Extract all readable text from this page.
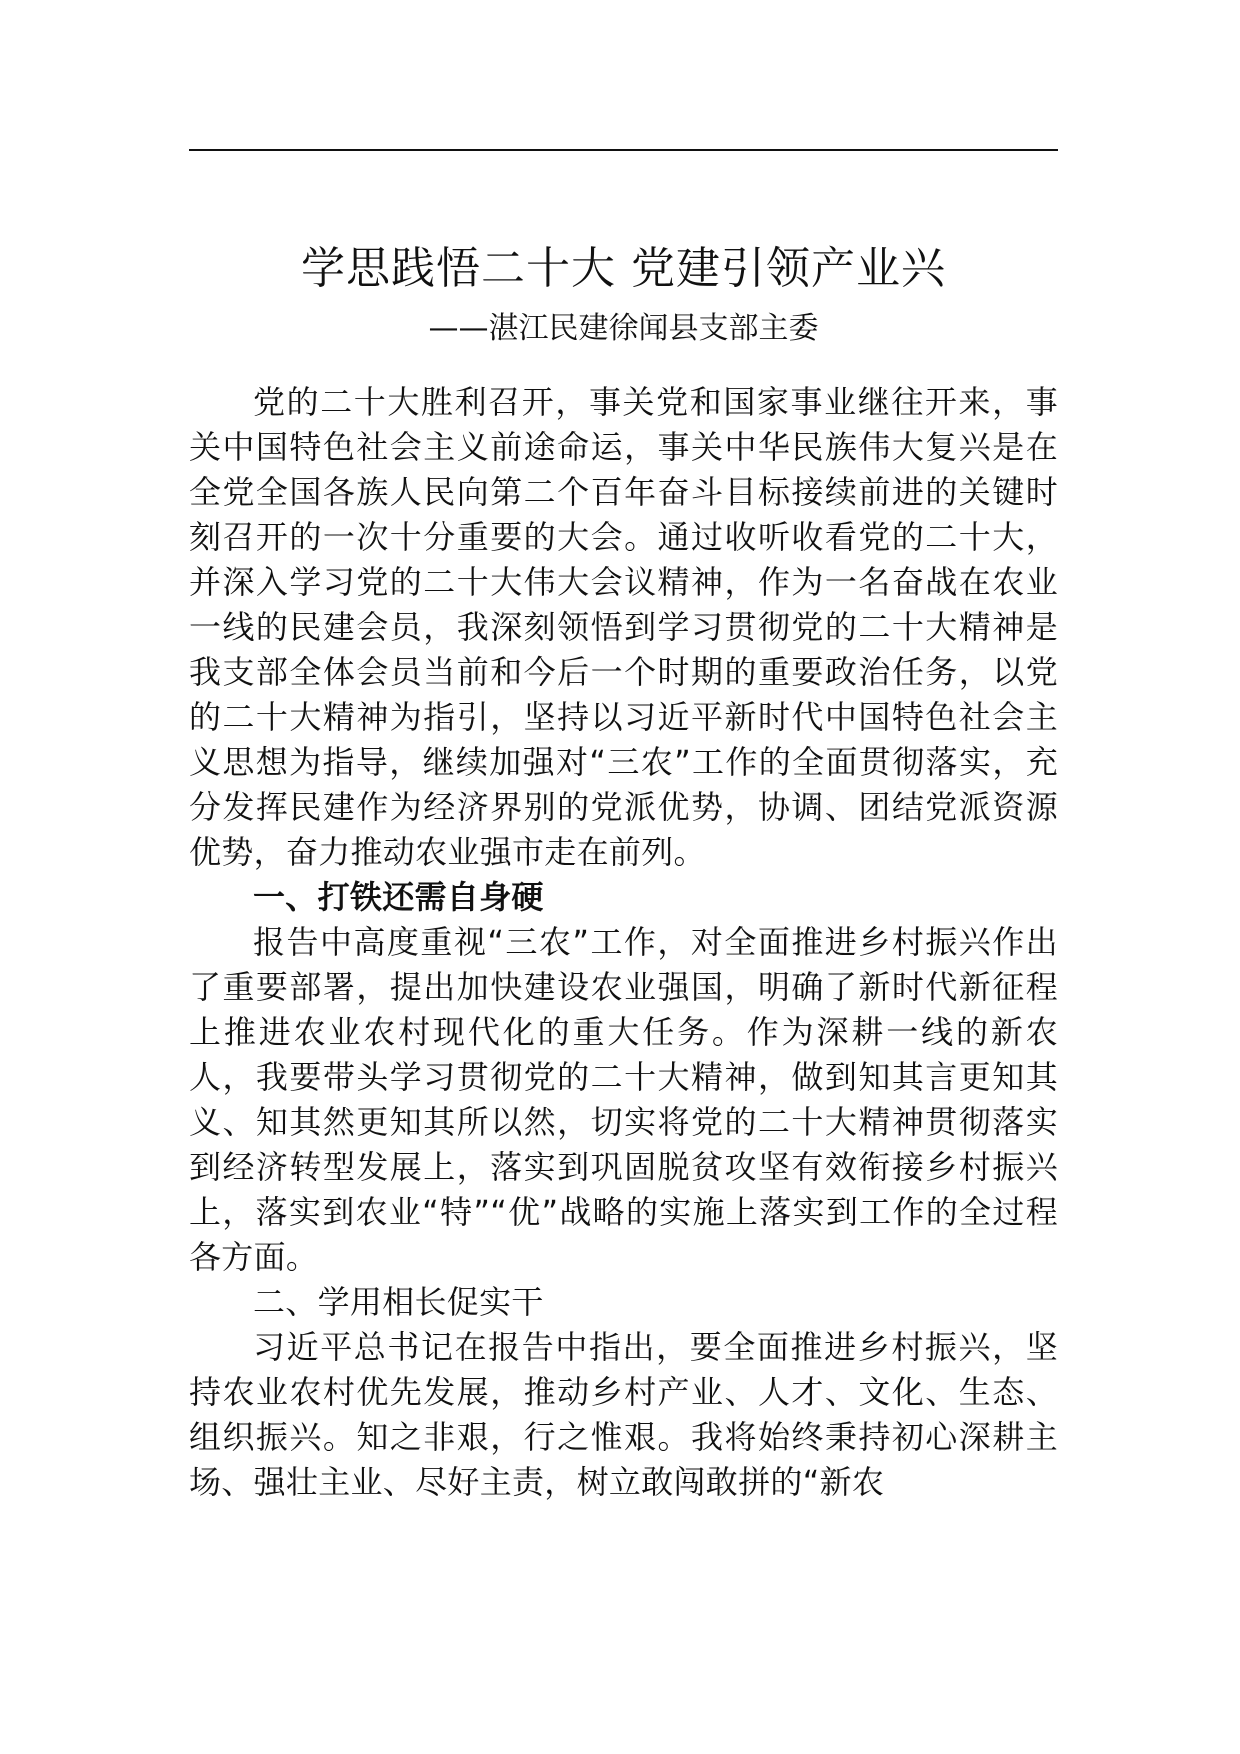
学思践悟二十大 党建引领产业兴
——湛江民建徐闻县支部主委

党的二十大胜利召开，事关党和国家事业继往开来，事关中国特色社会主义前途命运，事关中华民族伟大复兴是在全党全国各族人民向第二个百年奋斗目标接续前进的关键时刻召开的一次十分重要的大会。通过收听收看党的二十大，并深入学习党的二十大伟大会议精神，作为一名奋战在农业一线的民建会员，我深刻领悟到学习贯彻党的二十大精神是我支部全体会员当前和今后一个时期的重要政治任务，以党的二十大精神为指引，坚持以习近平新时代中国特色社会主义思想为指导，继续加强对“三农”工作的全面贯彻落实，充分发挥民建作为经济界别的党派优势，协调、团结党派资源优势，奋力推动农业强市走在前列。

一、打铁还需自身硬

报告中高度重视“三农”工作，对全面推进乡村振兴作出了重要部署，提出加快建设农业强国，明确了新时代新征程上推进农业农村现代化的重大任务。作为深耕一线的新农人，我要带头学习贯彻党的二十大精神，做到知其言更知其义、知其然更知其所以然，切实将党的二十大精神贯彻落实到经济转型发展上，落实到巩固脱贫攻坚有效衔接乡村振兴上，落实到农业“特”“优”战略的实施上落实到工作的全过程各方面。

二、学用相长促实干

习近平总书记在报告中指出，要全面推进乡村振兴，坚持农业农村优先发展，推动乡村产业、人才、文化、生态、组织振兴。知之非艰，行之惟艰。我将始终秉持初心深耕主场、强壮主业、尽好主责，树立敢闯敢拼的“新农
